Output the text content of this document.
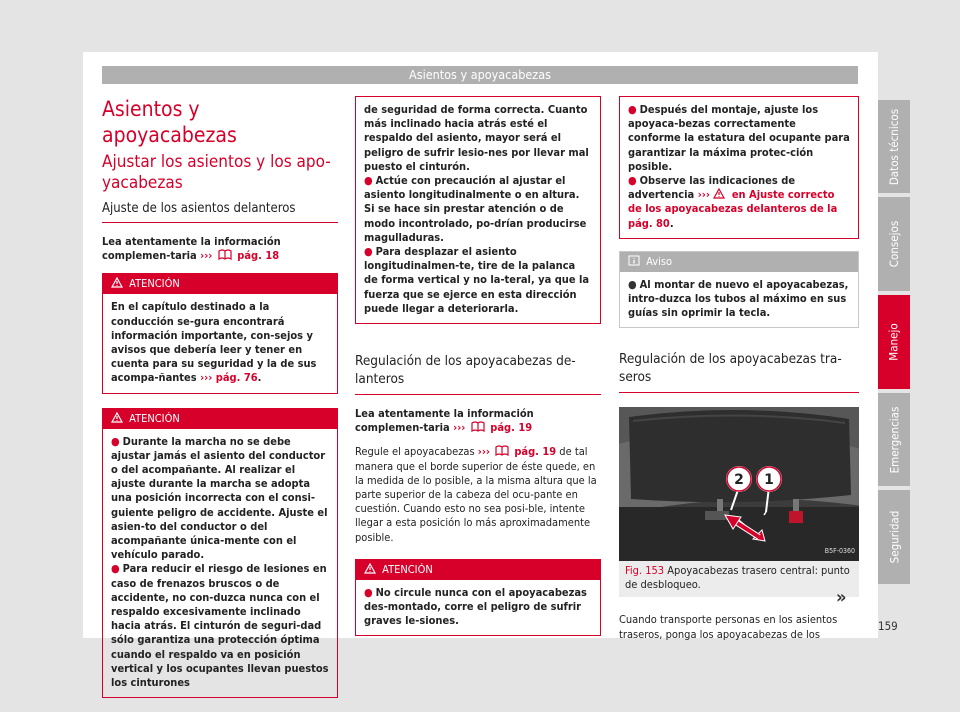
Asientos y apoyacabezas
Asientos y apoyacabezas
Ajustar los asientos y los apo-yacabezas
Ajuste de los asientos delanteros

Lea atentamente la información complemen-taria ››› pág. 18

ATENCIÓN

En el capítulo destinado a la conducción se-gura encontrará información importante, con-sejos y avisos que debería leer y tener en cuenta para su seguridad y la de sus acompa-ñantes ››› pág. 76.

ATENCIÓN

● Durante la marcha no se debe ajustar jamás el asiento del conductor o del acompañante. Al realizar el ajuste durante la marcha se adopta una posición incorrecta con el consi-guiente peligro de accidente. Ajuste el asien-to del conductor o del acompañante única-mente con el vehículo parado.

● Para reducir el riesgo de lesiones en caso de frenazos bruscos o de accidente, no con-duzca nunca con el respaldo excesivamente inclinado hacia atrás. El cinturón de seguri-dad sólo garantiza una protección óptima cuando el respaldo va en posición vertical y los ocupantes llevan puestos los cinturones

de seguridad de forma correcta. Cuanto más inclinado hacia atrás esté el respaldo del asiento, mayor será el peligro de sufrir lesio-nes por llevar mal puesto el cinturón.

● Actúe con precaución al ajustar el asiento longitudinalmente o en altura. Si se hace sin prestar atención o de modo incontrolado, po-drían producirse magulladuras.

● Para desplazar el asiento longitudinalmen-te, tire de la palanca de forma vertical y no la-teral, ya que la fuerza que se ejerce en esta dirección puede llegar a deteriorarla.

Regulación de los apoyacabezas de-lanteros

Lea atentamente la información complemen-taria ››› pág. 19

Regule el apoyacabezas ››› pág. 19 de tal manera que el borde superior de éste quede, en la medida de lo posible, a la misma altura que la parte superior de la cabeza del ocu-pante en cuestión. Cuando esto no sea posi-ble, intente llegar a esta posición lo más aproximadamente posible.

ATENCIÓN

● No circule nunca con el apoyacabezas des-montado, corre el peligro de sufrir graves le-siones.

● Después del montaje, ajuste los apoyaca-bezas correctamente conforme la estatura del ocupante para garantizar la máxima protec-ción posible.

● Observe las indicaciones de advertencia ››› en Ajuste correcto de los apoyacabezas delanteros de la pág. 80.

Aviso

● Al montar de nuevo el apoyacabezas, intro-duzca los tubos al máximo en sus guías sin oprimir la tecla.

Regulación de los apoyacabezas tra-seros
2 1
B5F-0360
Fig. 153 Apoyacabezas trasero central: punto de desbloqueo.

Cuando transporte personas en los asientos traseros, ponga los apoyacabezas de los

Datos técnicos
Consejos
Manejo
Emergencias
Seguridad
»
159
